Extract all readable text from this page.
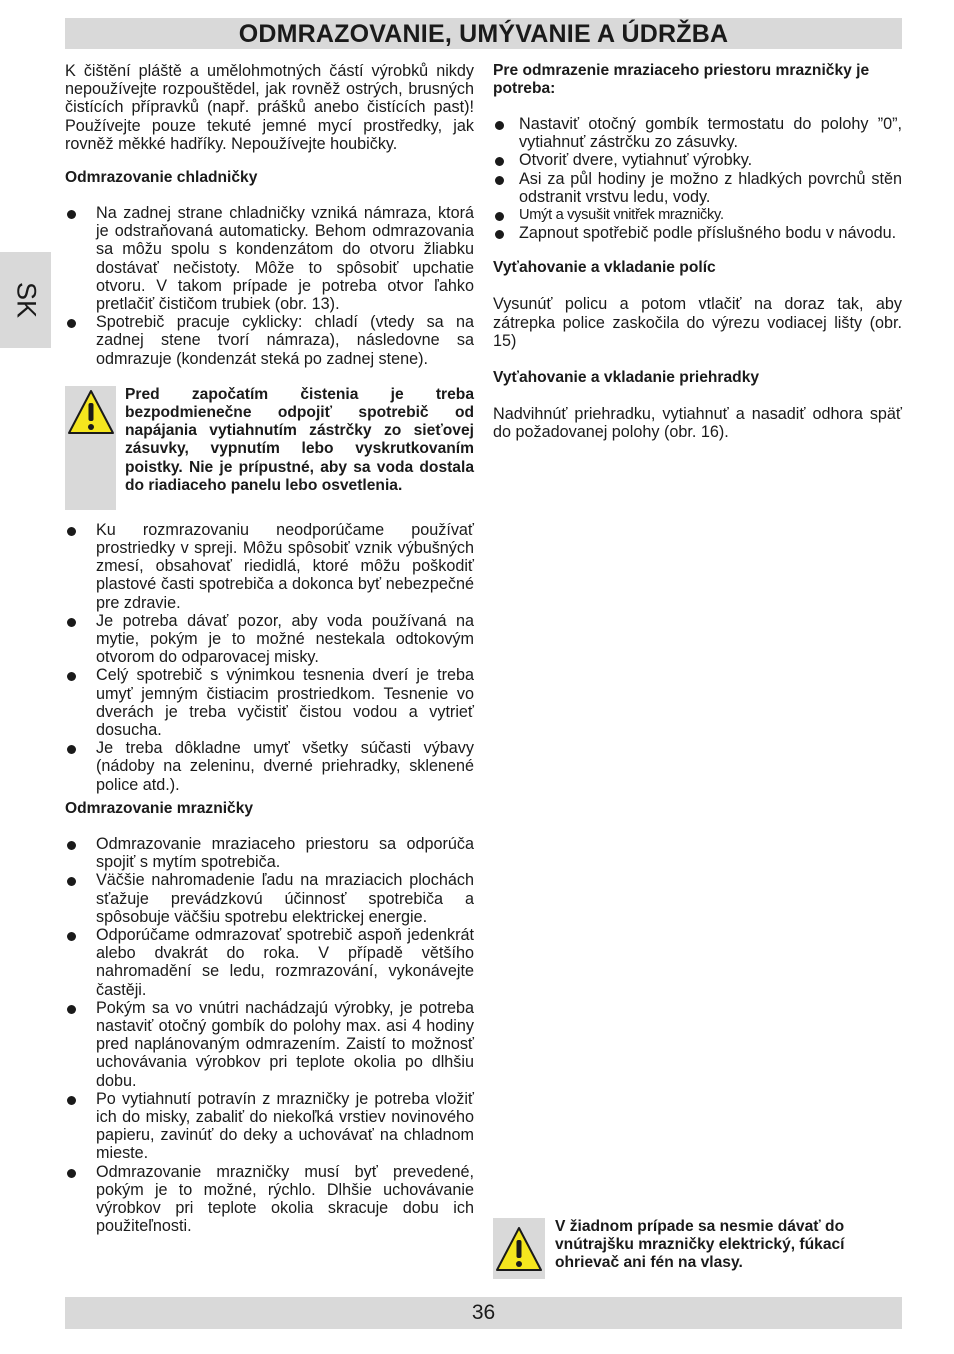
ODMRAZOVANIE, UMÝVANIE A ÚDRŽBA
SK

K čištění pláště a umělohmotných částí výrobků nikdy nepoužívejte rozpouštědel, jak rovněž ostrých, brusných čistících přípravků (např. prášků anebo čistících past)! Používejte pouze tekuté jemné mycí prostředky, jak rovněž měkké hadříky. Nepoužívejte houbičky.

Odmrazovanie chladničky
Na zadnej strane chladničky vzniká námraza, ktorá je odstraňovaná automaticky. Behom odmrazovania sa môžu spolu s kondenzátom do otvoru žliabku dostávať nečistoty. Môže to spôsobiť upchatie otvoru. V takom prípade je potreba otvor ľahko pretlačiť čističom trubiek (obr. 13).
Spotrebič pracuje cyklicky: chladí (vtedy sa na zadnej stene tvorí námraza), následovne sa odmrazuje (kondenzát steká po zadnej stene).
Pred započatím čistenia je treba bezpodmienečne odpojiť spotrebič od napájania vytiahnutím zástrčky zo sieťovej zásuvky, vypnutím lebo vyskrutkovaním poistky. Nie je prípustné, aby sa voda dostala do riadiaceho panelu lebo osvetlenia.
Ku rozmrazovaniu neodporúčame používať prostriedky v spreji. Môžu spôsobiť vznik výbušných zmesí, obsahovať riedidlá, ktoré môžu poškodiť plastové časti spotrebiča a dokonca byť nebezpečné pre zdravie.
Je potreba dávať pozor, aby voda používaná na mytie, pokým je to možné nestekala odtokovým otvorom do odparovacej misky.
Celý spotrebič s výnimkou tesnenia dverí je treba umyť jemným čistiacim prostriedkom. Tesnenie vo dverách je treba vyčistiť čistou vodou a vytrieť dosucha.
Je treba dôkladne umyť všetky súčasti výbavy (nádoby na zeleninu, dverné priehradky, sklenené police atd.).
Odmrazovanie mrazničky
Odmrazovanie mraziaceho priestoru sa odporúča spojiť s mytím spotrebiča.
Väčšie nahromadenie ľadu na mraziacich plochách sťažuje prevádzkovú účinnosť spotrebiča a spôsobuje väčšiu spotrebu elektrickej energie.
Odporúčame odmrazovať spotrebič aspoň jedenkrát alebo dvakrát do roka. V případě většího nahromadění se ledu, rozmrazování, vykonávejte častěji.
Pokým sa vo vnútri nachádzajú výrobky, je potreba nastaviť otočný gombík do polohy max. asi 4 hodiny pred naplánovaným odmrazením. Zaistí to možnosť uchovávania výrobkov pri teplote okolia po dlhšiu dobu.
Po vytiahnutí potravín z mrazničky je potreba vložiť ich do misky, zabaliť do niekoľká vrstiev novinového papieru, zavinúť do deky a uchovávať na chladnom mieste.
Odmrazovanie mrazničky musí byť prevedené, pokým je to možné, rýchlo. Dlhšie uchovávanie výrobkov pri teplote okolia skracuje dobu ich použiteľnosti.
Pre odmrazenie mraziaceho priestoru mrazničky je potreba:
Nastaviť otočný gombík termostatu do polohy ”0”, vytiahnuť zástrčku zo zásuvky.
Otvoriť dvere, vytiahnuť výrobky.
Asi za půl hodiny je možno z hladkých povrchů stěn odstranit vrstvu ledu, vody.
Umýt a vysušit vnitřek mrazničky.
Zapnout spotřebič podle příslušného bodu v návodu.
Vyťahovanie a vkladanie políc

Vysunúť policu a potom vtlačiť na doraz tak, aby zátrepka police zaskočila do výrezu vodiacej lišty (obr. 15)

Vyťahovanie a vkladanie priehradky

Nadvihnúť priehradku, vytiahnuť a nasadiť odhora späť do požadovanej polohy (obr. 16).

V žiadnom prípade sa nesmie dávať do vnútrajšku mrazničky elektrický, fúkací ohrievač ani fén na vlasy.
36
